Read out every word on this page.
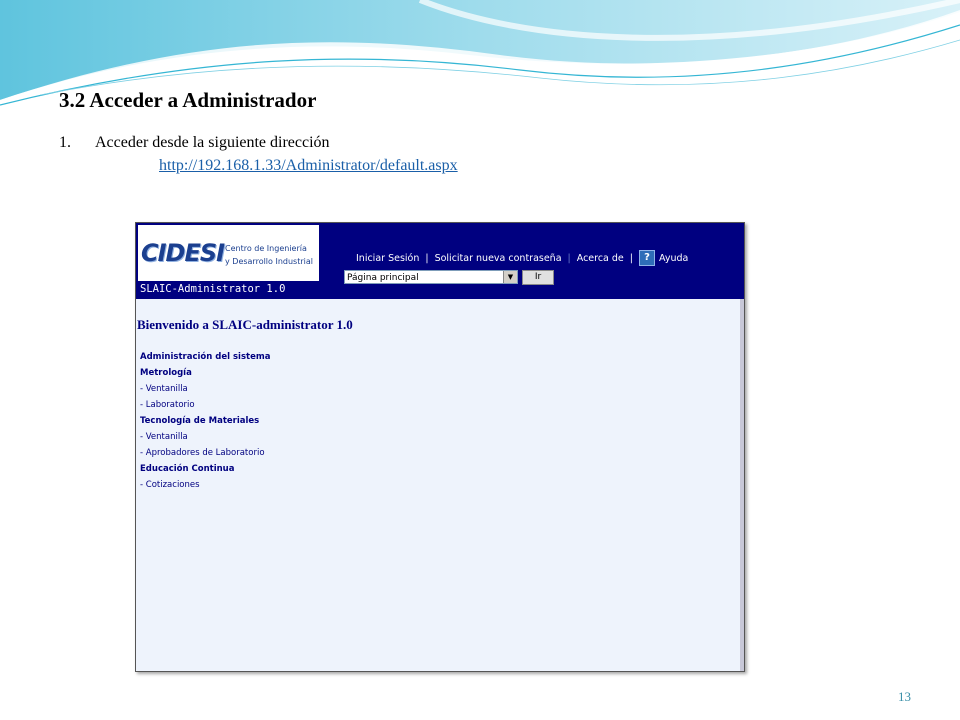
3.2 Acceder a Administrador
1. Acceder desde la siguiente dirección
http://192.168.1.33/Administrator/default.aspx
CIDESI Centro de Ingeniería
y Desarrollo Industrial
SLAIC-Administrator 1.0
Iniciar Sesión | Solicitar nueva contraseña | Acerca de |	? Ayuda
Página principal	▼	Ir
Bienvenido a SLAIC-administrator 1.0
Administración del sistema
Metrología
- Ventanilla
- Laboratorio
Tecnología de Materiales
- Ventanilla
- Aprobadores de Laboratorio
Educación Continua
- Cotizaciones
13
